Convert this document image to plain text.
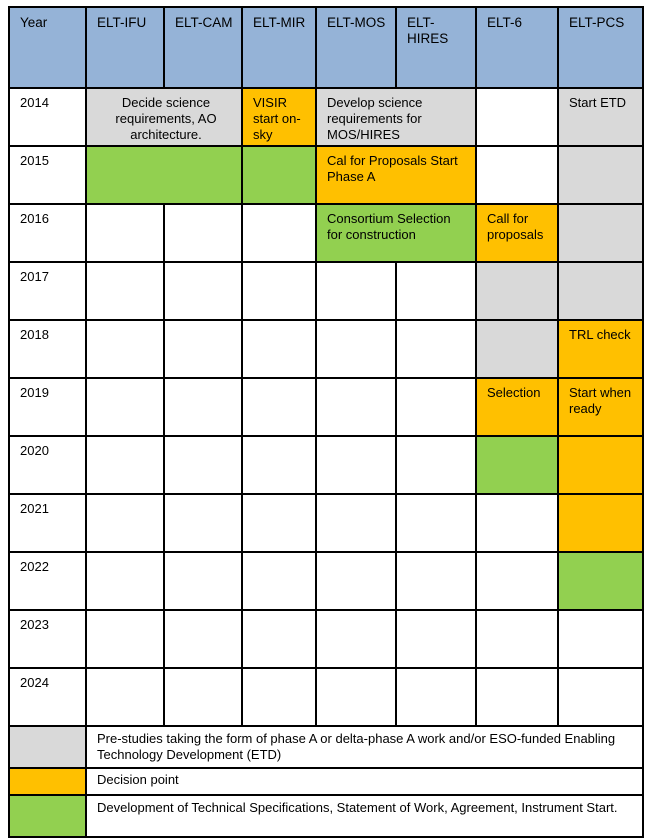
Year	ELT-IFU	ELT-CAM	ELT-MIR	ELT-MOS	ELT-HIRES	ELT-6	ELT-PCS
2014	Decide science requirements, AO architecture.		VISIR start on-sky	Develop science requirements for MOS/HIRES			Start ETD
2015				Cal for Proposals Start Phase A			
2016				Consortium Selection for construction		Call for proposals	
2017							
2018							TRL check
2019						Selection	Start when ready
2020							
2021							
2022							
2023							
2024							
	Pre-studies taking the form of phase A or delta-phase A work and/or ESO-funded Enabling Technology Development (ETD)						
	Decision point						
	Development of Technical Specifications, Statement of Work, Agreement, Instrument Start.						
